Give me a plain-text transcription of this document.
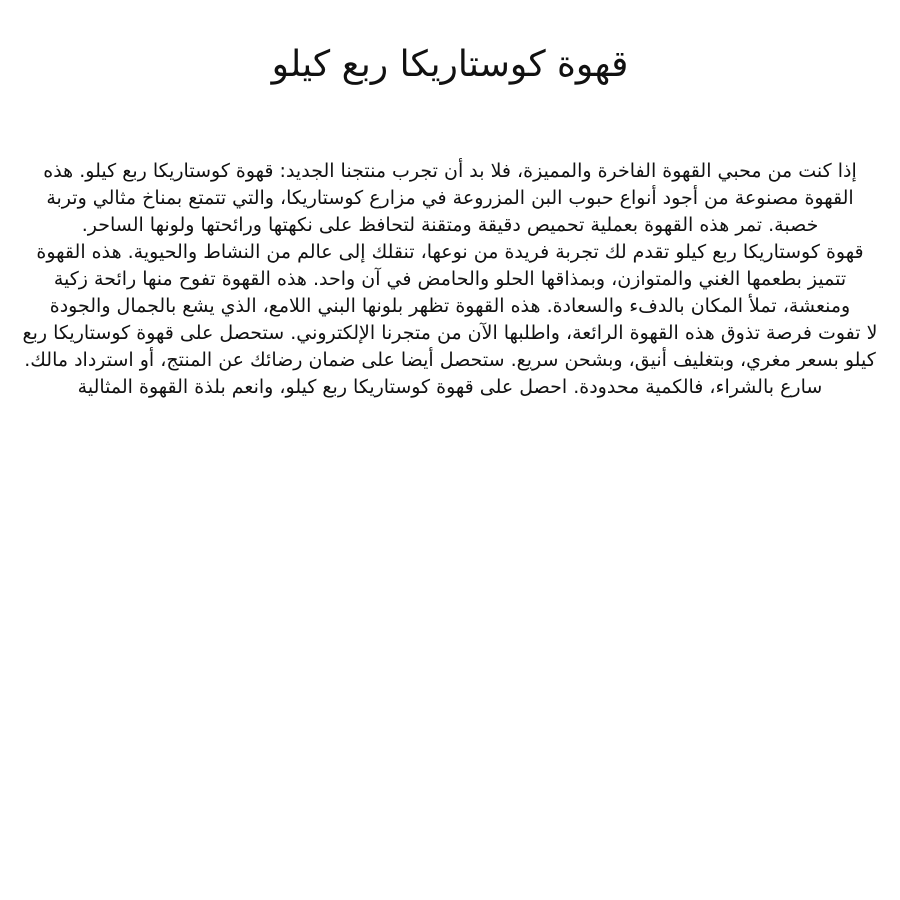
قهوة كوستاريكا ربع كيلو

إذا كنت من محبي القهوة الفاخرة والمميزة، فلا بد أن تجرب منتجنا الجديد: قهوة كوستاريكا ربع كيلو. هذه القهوة مصنوعة من أجود أنواع حبوب البن المزروعة في مزارع كوستاريكا، والتي تتمتع بمناخ مثالي وتربة خصبة. تمر هذه القهوة بعملية تحميص دقيقة ومتقنة لتحافظ على نكهتها ورائحتها ولونها الساحر.

قهوة كوستاريكا ربع كيلو تقدم لك تجربة فريدة من نوعها، تنقلك إلى عالم من النشاط والحيوية. هذه القهوة تتميز بطعمها الغني والمتوازن، وبمذاقها الحلو والحامض في آن واحد. هذه القهوة تفوح منها رائحة زكية ومنعشة، تملأ المكان بالدفء والسعادة. هذه القهوة تظهر بلونها البني اللامع، الذي يشع بالجمال والجودة

لا تفوت فرصة تذوق هذه القهوة الرائعة، واطلبها الآن من متجرنا الإلكتروني. ستحصل على قهوة كوستاريكا ربع كيلو بسعر مغري، وبتغليف أنيق، وبشحن سريع. ستحصل أيضا على ضمان رضائك عن المنتج، أو استرداد مالك. سارع بالشراء، فالكمية محدودة. احصل على قهوة كوستاريكا ربع كيلو، وانعم بلذة القهوة المثالية
